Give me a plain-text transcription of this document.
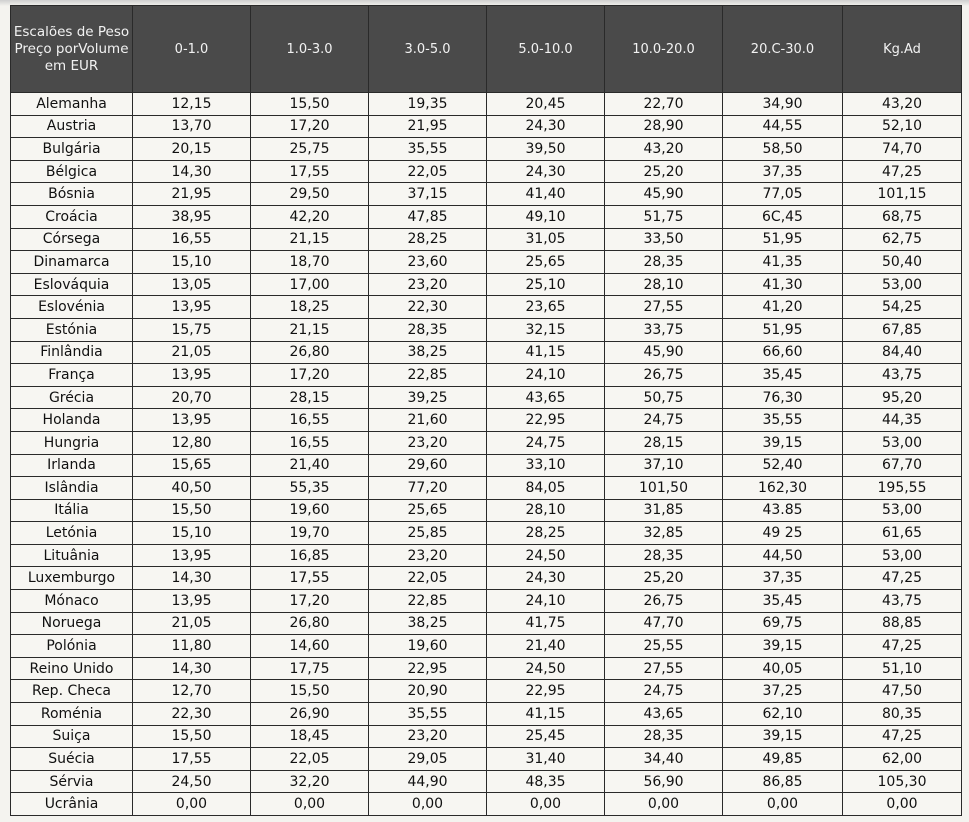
Escalões de Peso Preço porVolume em EUR	0-1.0	1.0-3.0	3.0-5.0	5.0-10.0	10.0-20.0	20.C-30.0	Kg.Ad
Alemanha	12,15	15,50	19,35	20,45	22,70	34,90	43,20
Austria	13,70	17,20	21,95	24,30	28,90	44,55	52,10
Bulgária	20,15	25,75	35,55	39,50	43,20	58,50	74,70
Bélgica	14,30	17,55	22,05	24,30	25,20	37,35	47,25
Bósnia	21,95	29,50	37,15	41,40	45,90	77,05	101,15
Croácia	38,95	42,20	47,85	49,10	51,75	6C,45	68,75
Córsega	16,55	21,15	28,25	31,05	33,50	51,95	62,75
Dinamarca	15,10	18,70	23,60	25,65	28,35	41,35	50,40
Eslováquia	13,05	17,00	23,20	25,10	28,10	41,30	53,00
Eslovénia	13,95	18,25	22,30	23,65	27,55	41,20	54,25
Estónia	15,75	21,15	28,35	32,15	33,75	51,95	67,85
Finlândia	21,05	26,80	38,25	41,15	45,90	66,60	84,40
França	13,95	17,20	22,85	24,10	26,75	35,45	43,75
Grécia	20,70	28,15	39,25	43,65	50,75	76,30	95,20
Holanda	13,95	16,55	21,60	22,95	24,75	35,55	44,35
Hungria	12,80	16,55	23,20	24,75	28,15	39,15	53,00
Irlanda	15,65	21,40	29,60	33,10	37,10	52,40	67,70
Islândia	40,50	55,35	77,20	84,05	101,50	162,30	195,55
Itália	15,50	19,60	25,65	28,10	31,85	43.85	53,00
Letónia	15,10	19,70	25,85	28,25	32,85	49 25	61,65
Lituânia	13,95	16,85	23,20	24,50	28,35	44,50	53,00
Luxemburgo	14,30	17,55	22,05	24,30	25,20	37,35	47,25
Mónaco	13,95	17,20	22,85	24,10	26,75	35,45	43,75
Noruega	21,05	26,80	38,25	41,75	47,70	69,75	88,85
Polónia	11,80	14,60	19,60	21,40	25,55	39,15	47,25
Reino Unido	14,30	17,75	22,95	24,50	27,55	40,05	51,10
Rep. Checa	12,70	15,50	20,90	22,95	24,75	37,25	47,50
Roménia	22,30	26,90	35,55	41,15	43,65	62,10	80,35
Suiça	15,50	18,45	23,20	25,45	28,35	39,15	47,25
Suécia	17,55	22,05	29,05	31,40	34,40	49,85	62,00
Sérvia	24,50	32,20	44,90	48,35	56,90	86,85	105,30
Ucrânia	0,00	0,00	0,00	0,00	0,00	0,00	0,00
